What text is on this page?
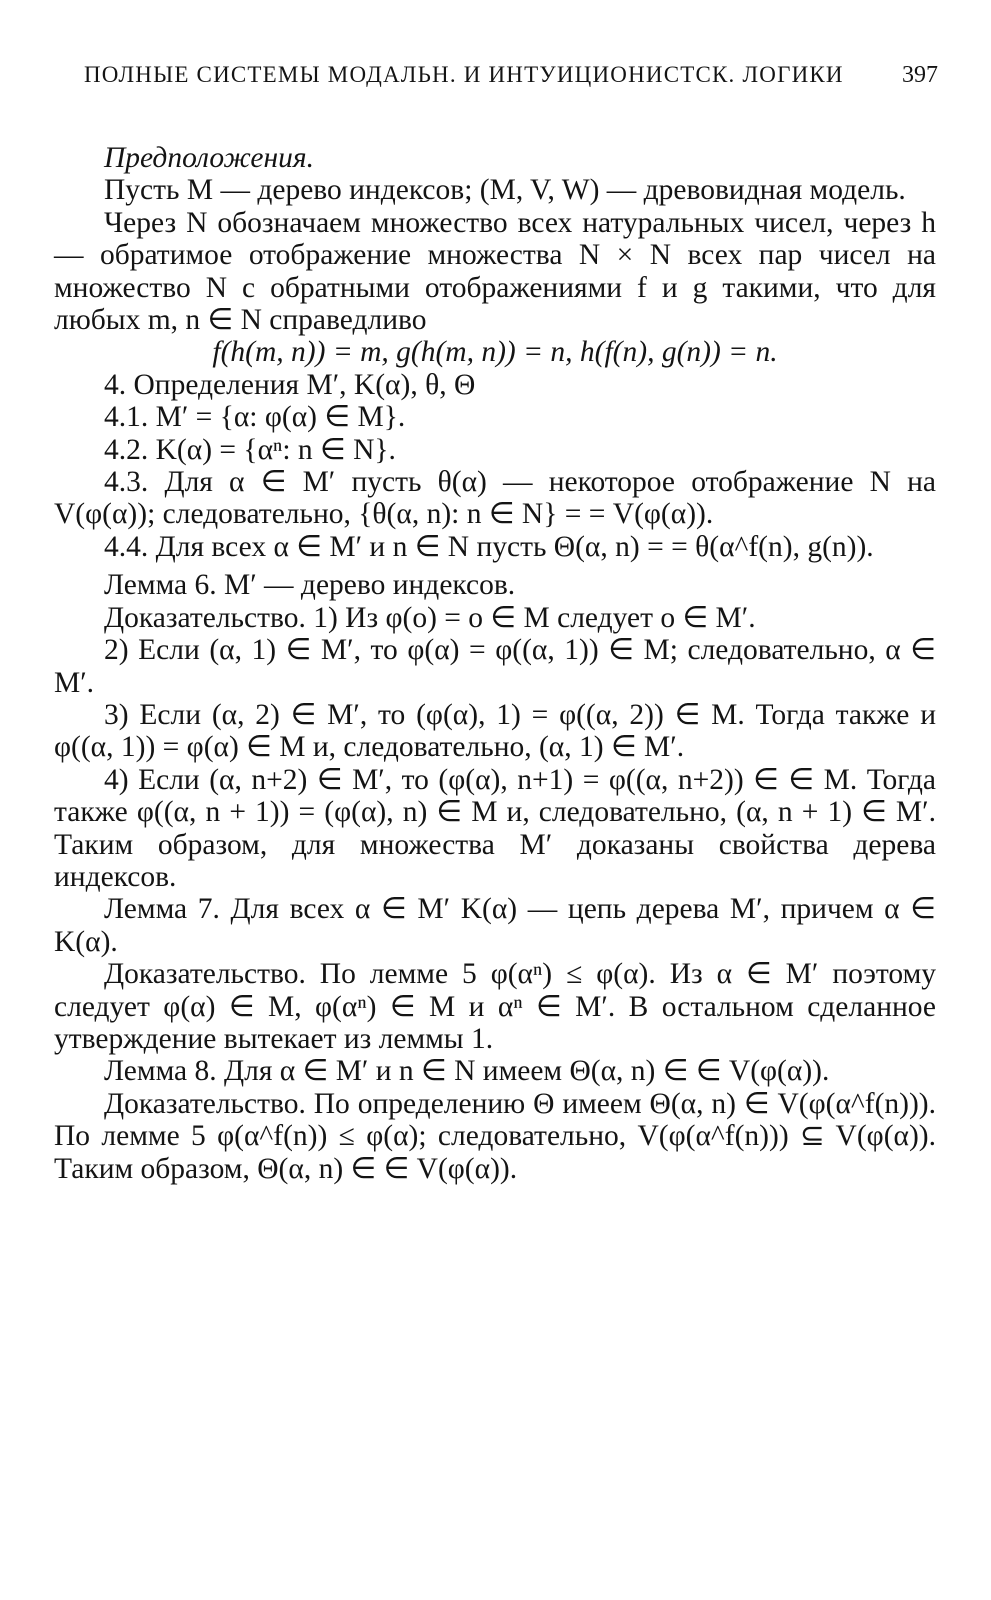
ПОЛНЫЕ СИСТЕМЫ МОДАЛЬН. И ИНТУИЦИОНИСТСК. ЛОГИКИ 397

Предположения.

Пусть M — дерево индексов; (M, V, W) — древовидная модель.

Через N обозначаем множество всех натуральных чисел, через h — обратимое отображение множества N × N всех пар чисел на множество N с обратными отображениями f и g такими, что для любых m, n ∈ N справедливо

f(h(m, n)) = m, g(h(m, n)) = n, h(f(n), g(n)) = n.

4. Определения M′, K(α), θ, Θ

4.1. M′ = {α: φ(α) ∈ M}.

4.2. K(α) = {αⁿ: n ∈ N}.

4.3. Для α ∈ M′ пусть θ(α) — некоторое отображение N на V(φ(α)); следовательно, {θ(α, n): n ∈ N} = = V(φ(α)).

4.4. Для всех α ∈ M′ и n ∈ N пусть Θ(α, n) = = θ(α^f(n), g(n)).

Лемма 6. M′ — дерево индексов.

Доказательство. 1) Из φ(o) = o ∈ M следует o ∈ M′.

2) Если (α, 1) ∈ M′, то φ(α) = φ((α, 1)) ∈ M; следовательно, α ∈ M′.

3) Если (α, 2) ∈ M′, то (φ(α), 1) = φ((α, 2)) ∈ M. Тогда также и φ((α, 1)) = φ(α) ∈ M и, следовательно, (α, 1) ∈ M′.

4) Если (α, n+2) ∈ M′, то (φ(α), n+1) = φ((α, n+2)) ∈ ∈ M. Тогда также φ((α, n + 1)) = (φ(α), n) ∈ M и, следовательно, (α, n + 1) ∈ M′. Таким образом, для множества M′ доказаны свойства дерева индексов.

Лемма 7. Для всех α ∈ M′ K(α) — цепь дерева M′, причем α ∈ K(α).

Доказательство. По лемме 5 φ(αⁿ) ≤ φ(α). Из α ∈ M′ поэтому следует φ(α) ∈ M, φ(αⁿ) ∈ M и αⁿ ∈ M′. В остальном сделанное утверждение вытекает из леммы 1.

Лемма 8. Для α ∈ M′ и n ∈ N имеем Θ(α, n) ∈ ∈ V(φ(α)).

Доказательство. По определению Θ имеем Θ(α, n) ∈ V(φ(α^f(n))). По лемме 5 φ(α^f(n)) ≤ φ(α); следовательно, V(φ(α^f(n))) ⊆ V(φ(α)). Таким образом, Θ(α, n) ∈ ∈ V(φ(α)).
